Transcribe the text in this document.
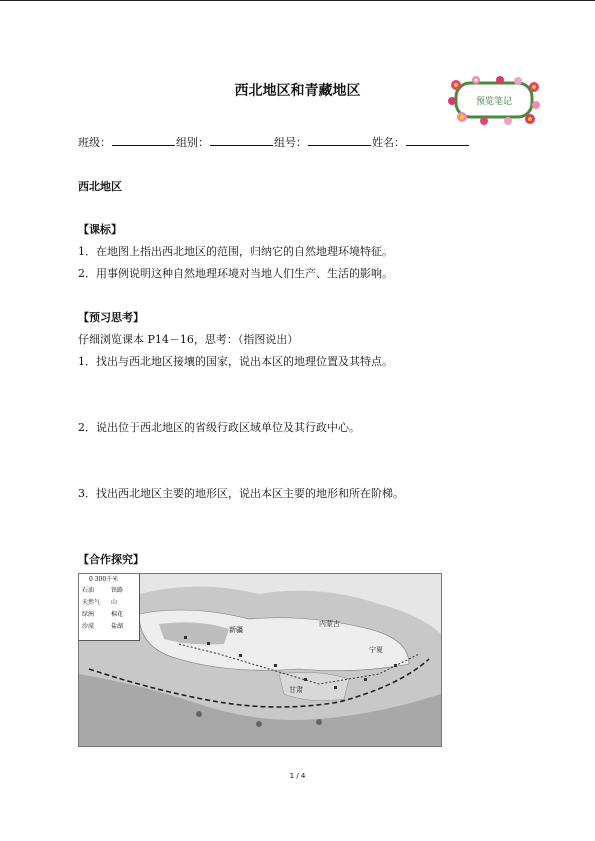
西北地区和青藏地区
预览笔记
班级：	组别：	组号：	姓名：
西北地区
【课标】
1．在地图上指出西北地区的范围，归纳它的自然地理环境特征。
2．用事例说明这种自然地理环境对当地人们生产、生活的影响。
【预习思考】
仔细浏览课本 P14－16，思考：（指图说出）
1．找出与西北地区接壤的国家，说出本区的地理位置及其特点。
2．说出位于西北地区的省级行政区域单位及其行政中心。
3．找出西北地区主要的地形区，说出本区主要的地形和所在阶梯。
【合作探究】
新疆
内蒙古
宁夏
甘肃
0 300千米
石油	铁路
天然气 山
绿洲	棉花
沙漠	盐湖
1 / 4
